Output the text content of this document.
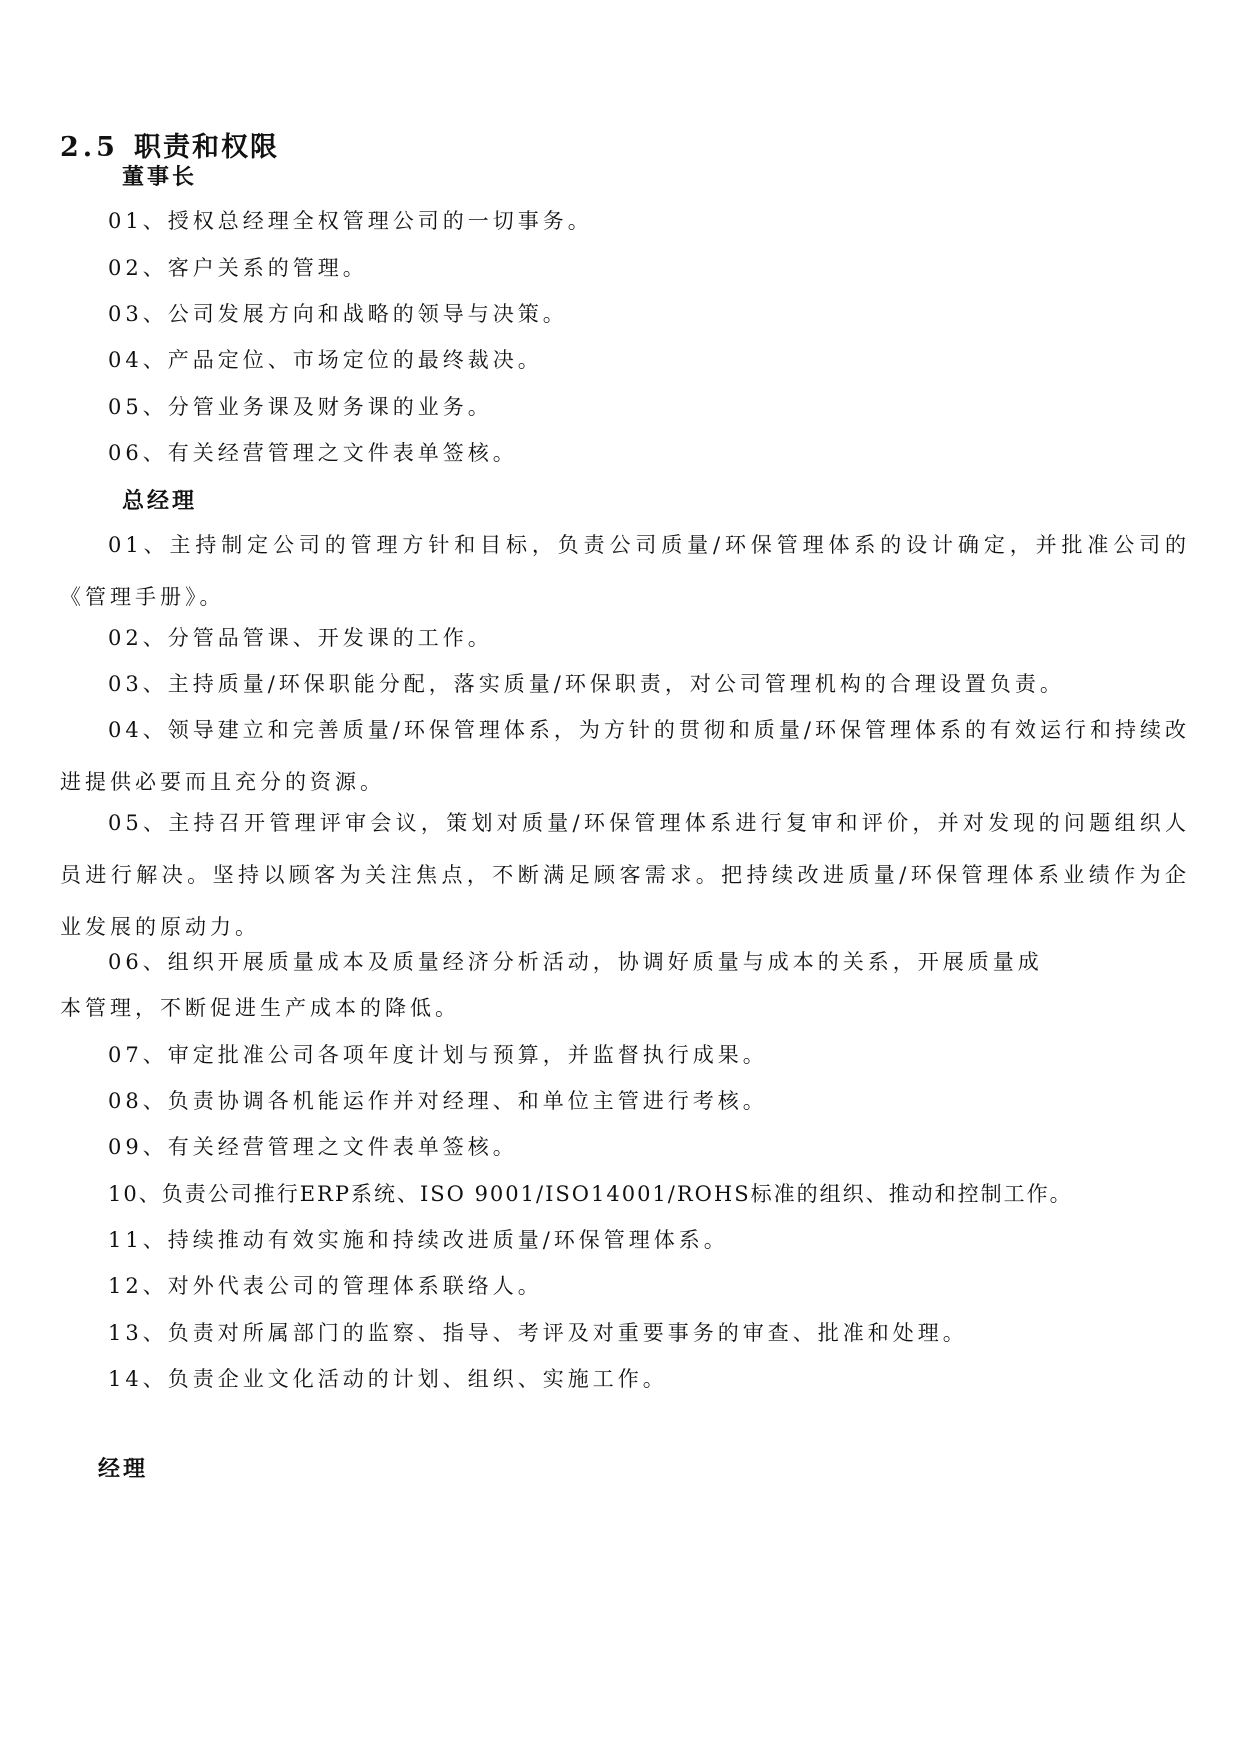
2.5 职责和权限
董事长
01、授权总经理全权管理公司的一切事务。
02、客户关系的管理。
03、公司发展方向和战略的领导与决策。
04、产品定位、市场定位的最终裁决。
05、分管业务课及财务课的业务。
06、有关经营管理之文件表单签核。
总经理
01、主持制定公司的管理方针和目标，负责公司质量/环保管理体系的设计确定，并批准公司的《管理手册》。
02、分管品管课、开发课的工作。
03、主持质量/环保职能分配，落实质量/环保职责，对公司管理机构的合理设置负责。
04、领导建立和完善质量/环保管理体系，为方针的贯彻和质量/环保管理体系的有效运行和持续改进提供必要而且充分的资源。
05、主持召开管理评审会议，策划对质量/环保管理体系进行复审和评价，并对发现的问题组织人员进行解决。坚持以顾客为关注焦点，不断满足顾客需求。把持续改进质量/环保管理体系业绩作为企业发展的原动力。
06、组织开展质量成本及质量经济分析活动，协调好质量与成本的关系，开展质量成
本管理，不断促进生产成本的降低。
07、审定批准公司各项年度计划与预算，并监督执行成果。
08、负责协调各机能运作并对经理、和单位主管进行考核。
09、有关经营管理之文件表单签核。
10、负责公司推行ERP系统、ISO 9001/ISO14001/ROHS标准的组织、推动和控制工作。
11、持续推动有效实施和持续改进质量/环保管理体系。
12、对外代表公司的管理体系联络人。
13、负责对所属部门的监察、指导、考评及对重要事务的审查、批准和处理。
14、负责企业文化活动的计划、组织、实施工作。
经理
